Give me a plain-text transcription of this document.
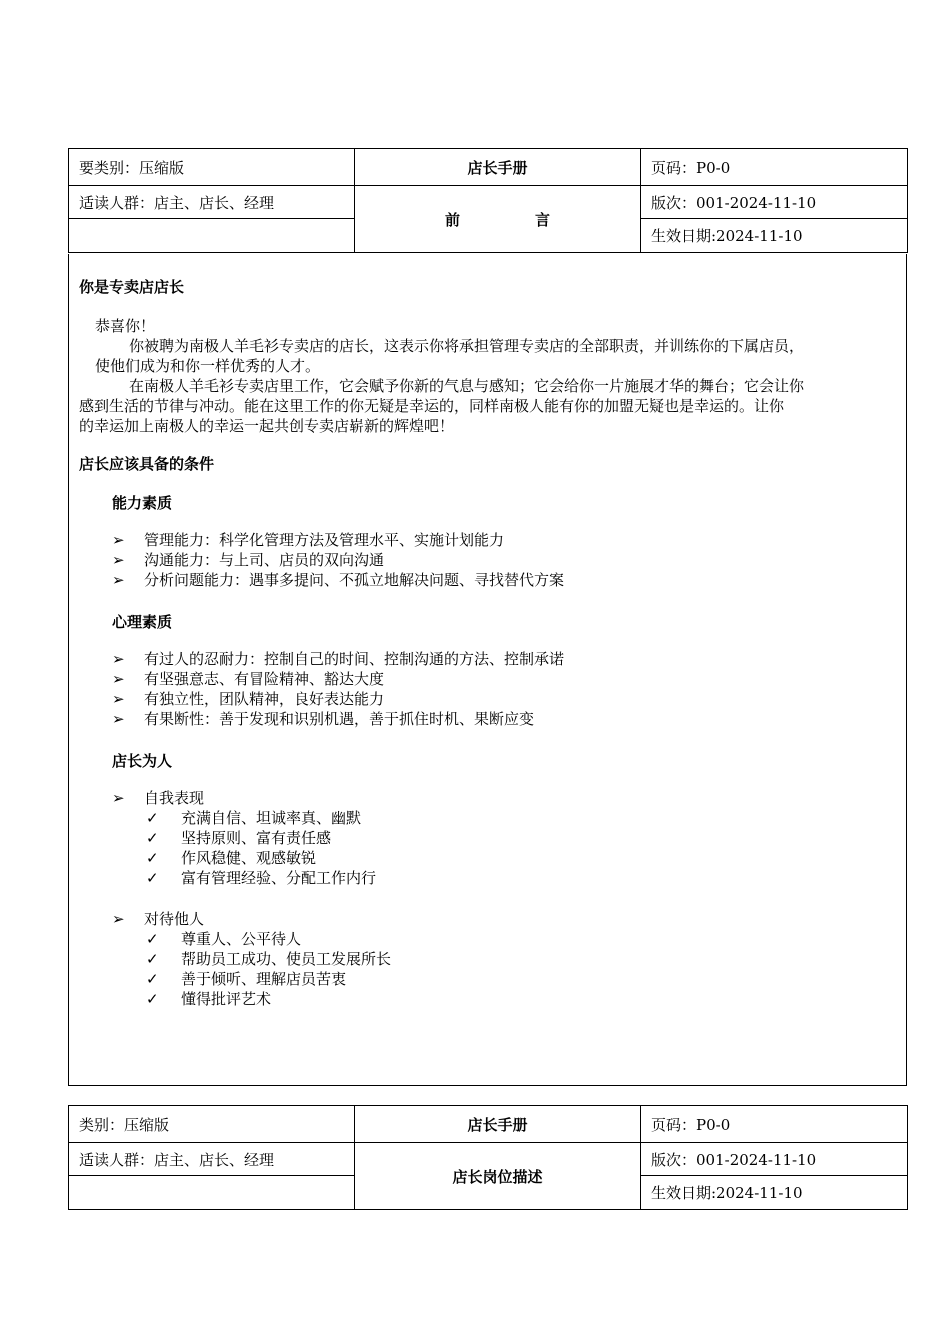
要类别：压缩版	店长手册	页码：P0-0
适读人群：店主、店长、经理	前　言	版次：001-2024-11-10
		生效日期:2024-11-10
你是专卖店店长
恭喜你！
你被聘为南极人羊毛衫专卖店的店长，这表示你将承担管理专卖店的全部职责，并训练你的下属店员，
使他们成为和你一样优秀的人才。
在南极人羊毛衫专卖店里工作，它会赋予你新的气息与感知；它会给你一片施展才华的舞台；它会让你
感到生活的节律与冲动。能在这里工作的你无疑是幸运的，同样南极人能有你的加盟无疑也是幸运的。让你
的幸运加上南极人的幸运一起共创专卖店崭新的辉煌吧！
店长应该具备的条件
能力素质
➢ 管理能力：科学化管理方法及管理水平、实施计划能力
➢ 沟通能力：与上司、店员的双向沟通
➢ 分析问题能力：遇事多提问、不孤立地解决问题、寻找替代方案
心理素质
➢ 有过人的忍耐力：控制自己的时间、控制沟通的方法、控制承诺
➢ 有坚强意志、有冒险精神、豁达大度
➢ 有独立性，团队精神，良好表达能力
➢ 有果断性：善于发现和识别机遇，善于抓住时机、果断应变
店长为人
➢ 自我表现
✓ 充满自信、坦诚率真、幽默
✓ 坚持原则、富有责任感
✓ 作风稳健、观感敏锐
✓ 富有管理经验、分配工作内行
➢ 对待他人
✓ 尊重人、公平待人
✓ 帮助员工成功、使员工发展所长
✓ 善于倾听、理解店员苦衷
✓ 懂得批评艺术
类别：压缩版	店长手册	页码：P0-0
适读人群：店主、店长、经理	店长岗位描述	版次：001-2024-11-10
		生效日期:2024-11-10
